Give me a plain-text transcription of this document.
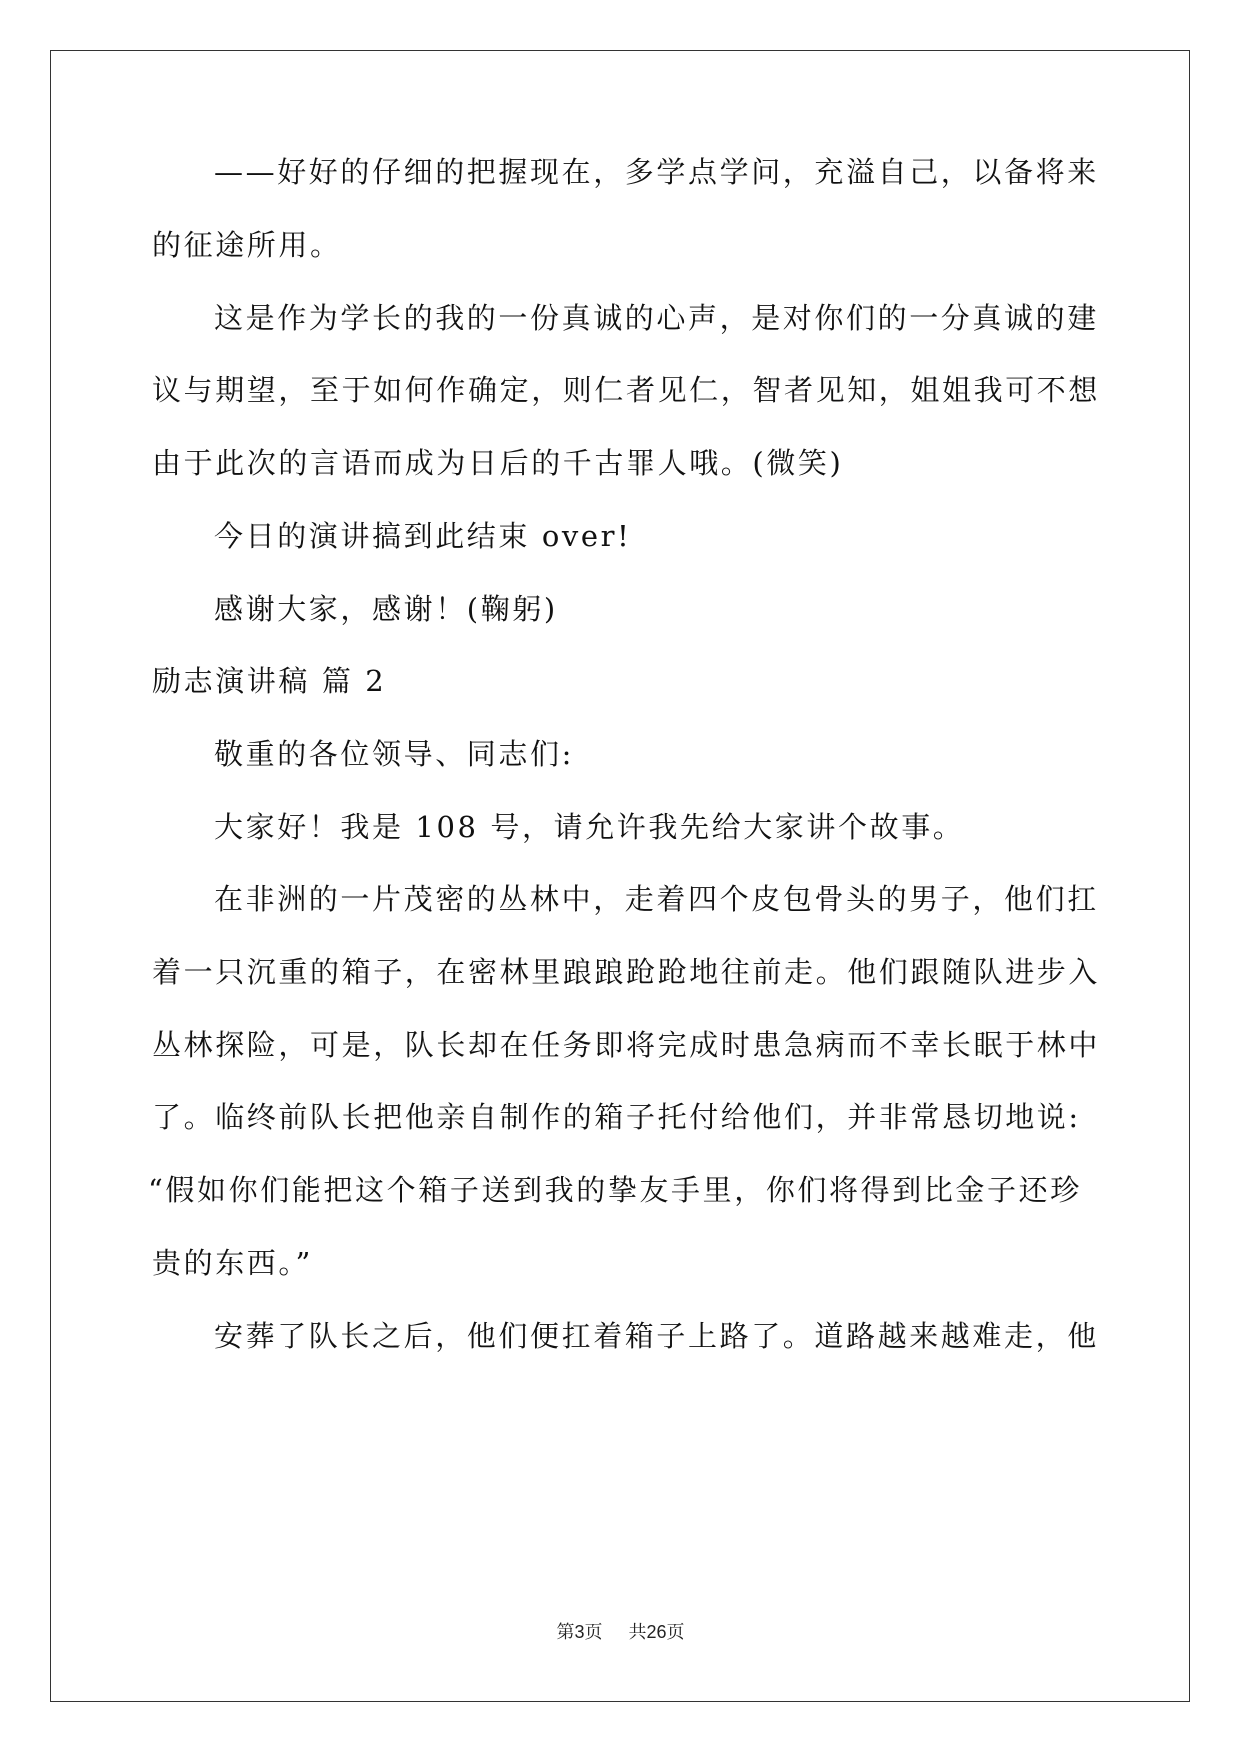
——好好的仔细的把握现在，多学点学问，充溢自己，以备将来
的征途所用。
这是作为学长的我的一份真诚的心声，是对你们的一分真诚的建
议与期望，至于如何作确定，则仁者见仁，智者见知，姐姐我可不想
由于此次的言语而成为日后的千古罪人哦。(微笑)
今日的演讲搞到此结束 over!
感谢大家，感谢！(鞠躬)
励志演讲稿 篇 2
敬重的各位领导、同志们:
大家好！我是 108 号，请允许我先给大家讲个故事。
在非洲的一片茂密的丛林中，走着四个皮包骨头的男子，他们扛
着一只沉重的箱子，在密林里踉踉跄跄地往前走。他们跟随队进步入
丛林探险，可是，队长却在任务即将完成时患急病而不幸长眠于林中
了。临终前队长把他亲自制作的箱子托付给他们，并非常恳切地说:
“假如你们能把这个箱子送到我的挚友手里，你们将得到比金子还珍
贵的东西。”
安葬了队长之后，他们便扛着箱子上路了。道路越来越难走，他
第3页 共26页
